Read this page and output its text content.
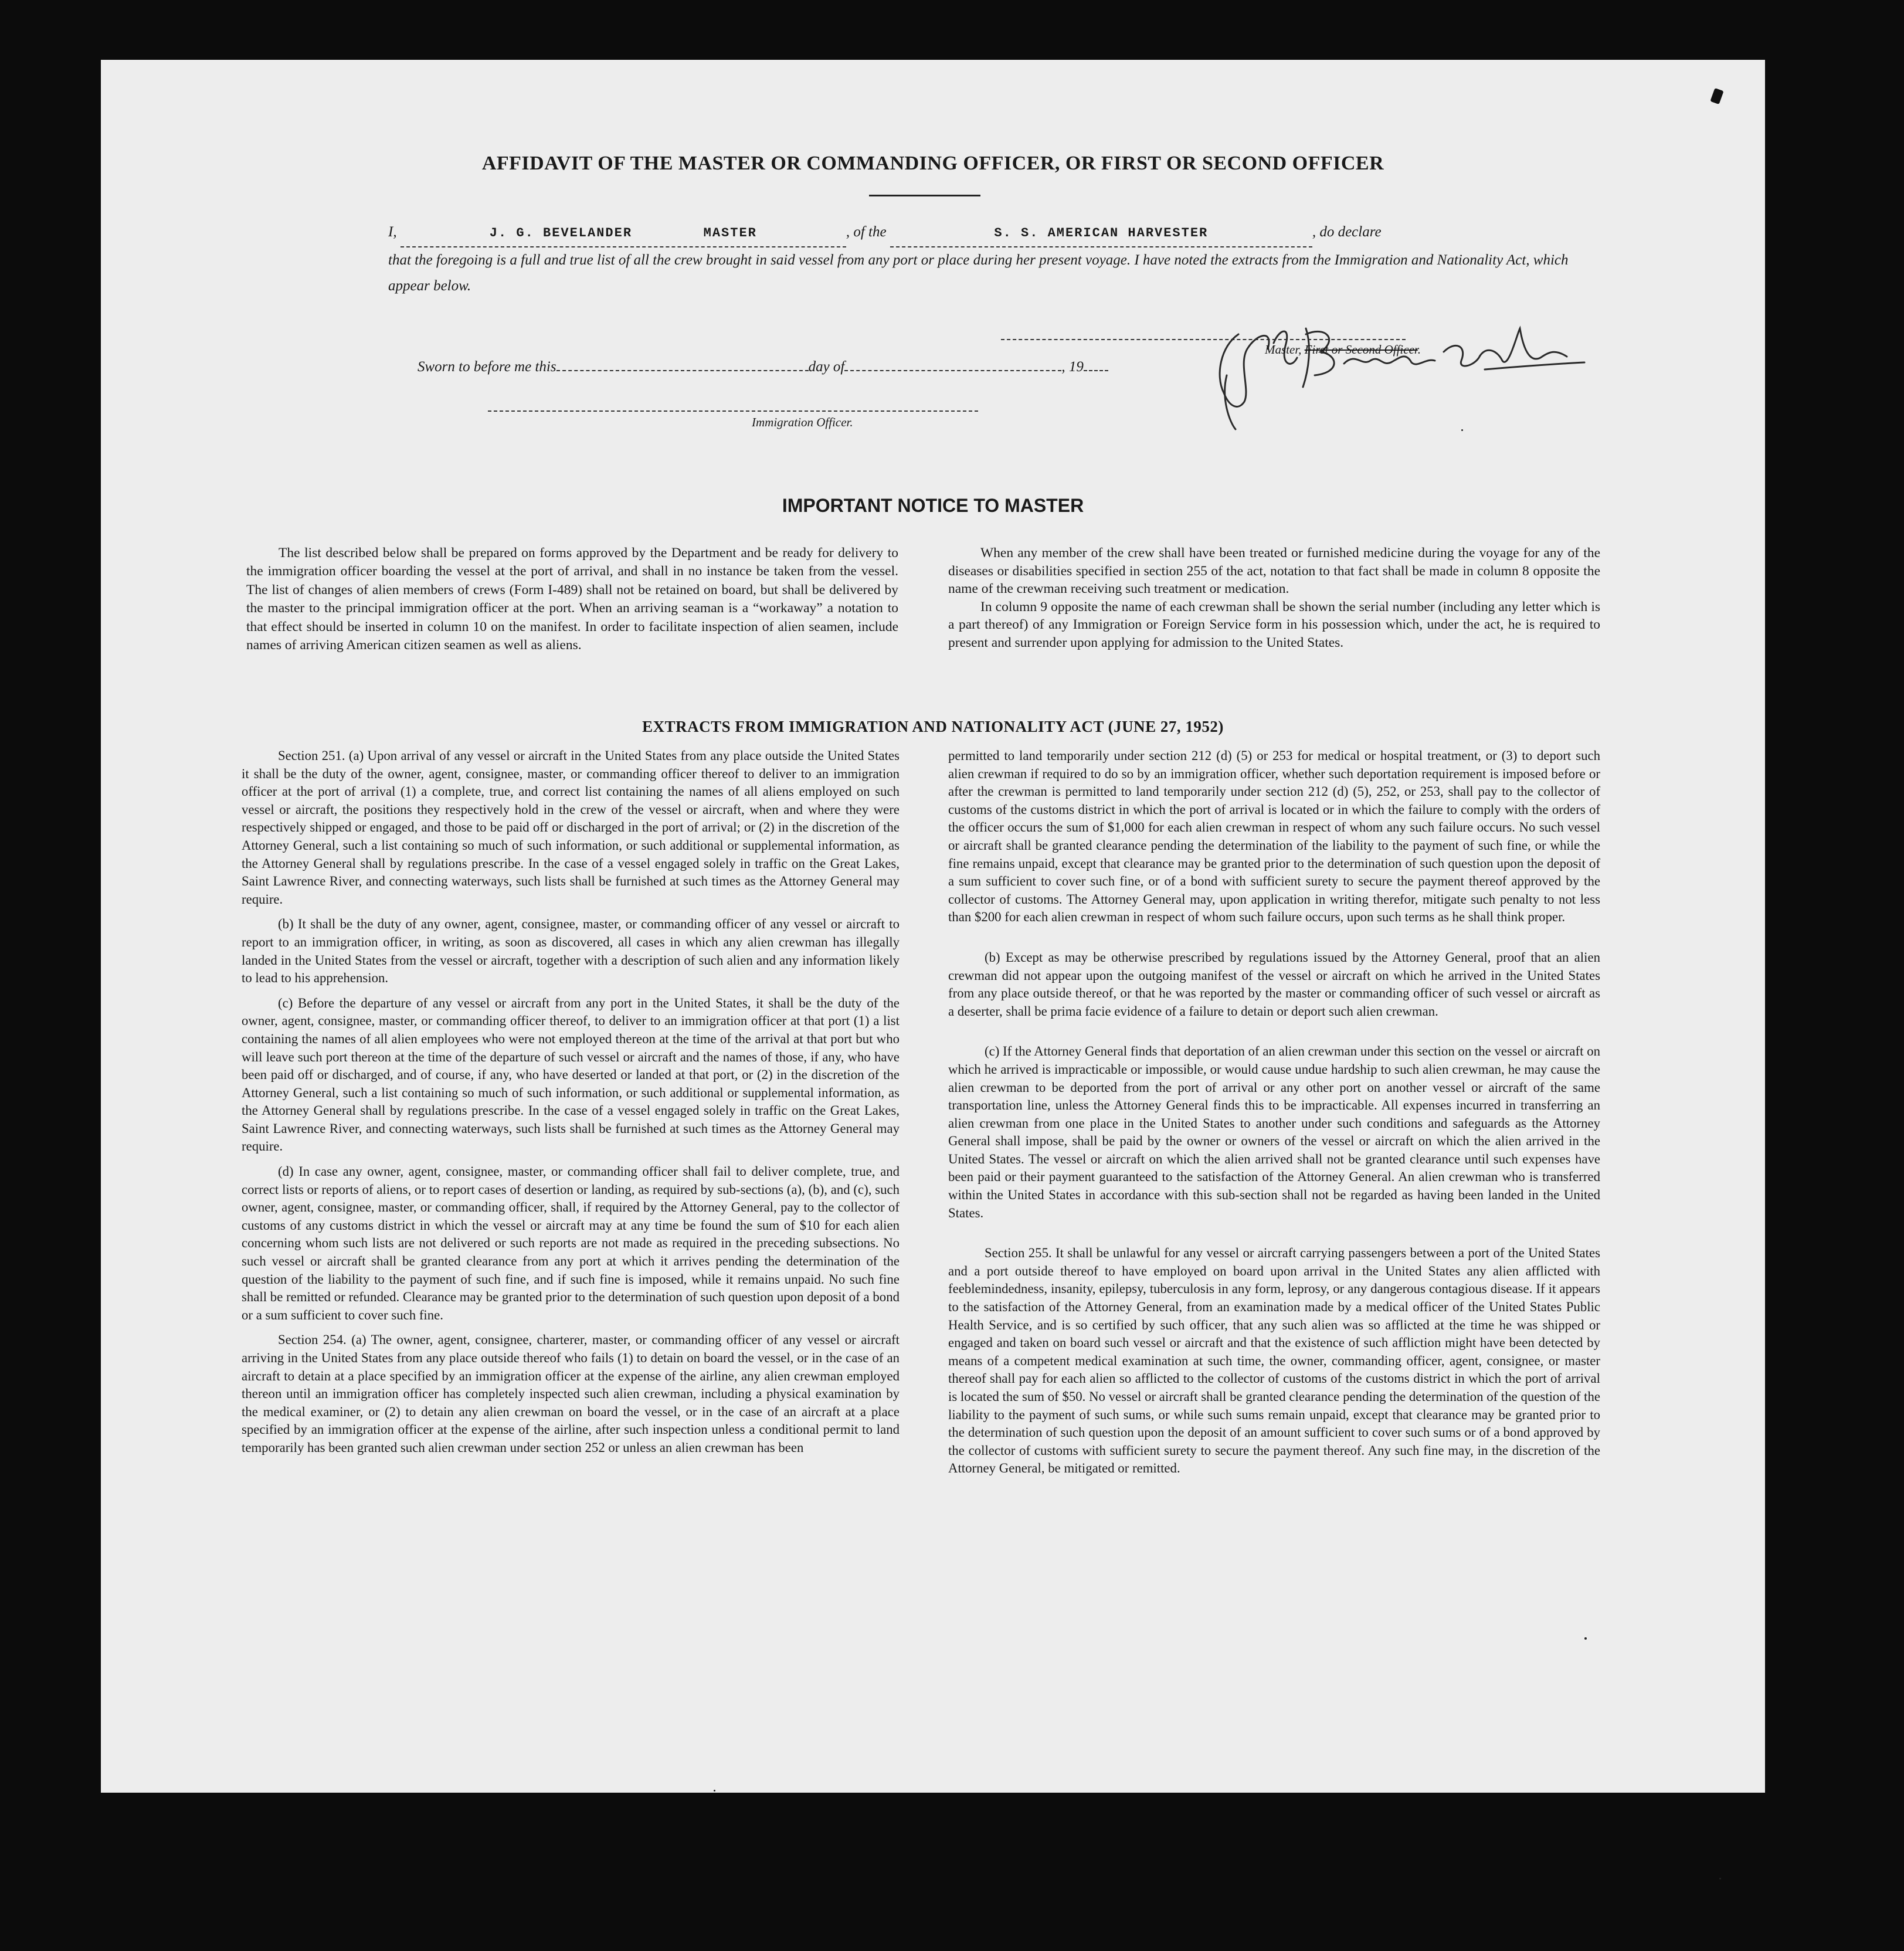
AFFIDAVIT OF THE MASTER OR COMMANDING OFFICER, OR FIRST OR SECOND OFFICER
I,	J. G. BEVELANDER	MASTER	, of the	S. S. AMERICAN HARVESTER	, do declare
that the foregoing is a full and true list of all the crew brought in said vessel from any port or place during her present voyage. I have noted the extracts from the Immigration and Nationality Act, which appear below.
Master, First or Second Officer.
Sworn to before me this	day of	, 19
Immigration Officer.
IMPORTANT NOTICE TO MASTER

The list described below shall be prepared on forms approved by the Department and be ready for delivery to the immigration officer boarding the vessel at the port of arrival, and shall in no instance be taken from the vessel. The list of changes of alien members of crews (Form I-489) shall not be retained on board, but shall be delivered by the master to the principal immigration officer at the port. When an arriving seaman is a “workaway” a notation to that effect should be inserted in column 10 on the manifest. In order to facilitate inspection of alien seamen, include names of arriving American citizen seamen as well as aliens.

When any member of the crew shall have been treated or furnished medicine during the voyage for any of the diseases or disabilities specified in section 255 of the act, notation to that fact shall be made in column 8 opposite the name of the crewman receiving such treatment or medication.

In column 9 opposite the name of each crewman shall be shown the serial number (including any letter which is a part thereof) of any Immigration or Foreign Service form in his possession which, under the act, he is required to present and surrender upon applying for admission to the United States.

EXTRACTS FROM IMMIGRATION AND NATIONALITY ACT (JUNE 27, 1952)

Section 251. (a) Upon arrival of any vessel or aircraft in the United States from any place outside the United States it shall be the duty of the owner, agent, consignee, master, or commanding officer thereof to deliver to an immigration officer at the port of arrival (1) a complete, true, and correct list containing the names of all aliens employed on such vessel or aircraft, the positions they respectively hold in the crew of the vessel or aircraft, when and where they were respectively shipped or engaged, and those to be paid off or discharged in the port of arrival; or (2) in the discretion of the Attorney General, such a list containing so much of such information, or such additional or supplemental information, as the Attorney General shall by regulations prescribe. In the case of a vessel engaged solely in traffic on the Great Lakes, Saint Lawrence River, and connecting waterways, such lists shall be furnished at such times as the Attorney General may require.

(b) It shall be the duty of any owner, agent, consignee, master, or commanding officer of any vessel or aircraft to report to an immigration officer, in writing, as soon as discovered, all cases in which any alien crewman has illegally landed in the United States from the vessel or aircraft, together with a description of such alien and any information likely to lead to his apprehension.

(c) Before the departure of any vessel or aircraft from any port in the United States, it shall be the duty of the owner, agent, consignee, master, or commanding officer thereof, to deliver to an immigration officer at that port (1) a list containing the names of all alien employees who were not employed thereon at the time of the arrival at that port but who will leave such port thereon at the time of the departure of such vessel or aircraft and the names of those, if any, who have been paid off or discharged, and of course, if any, who have deserted or landed at that port, or (2) in the discretion of the Attorney General, such a list containing so much of such information, or such additional or supplemental information, as the Attorney General shall by regulations prescribe. In the case of a vessel engaged solely in traffic on the Great Lakes, Saint Lawrence River, and connecting waterways, such lists shall be furnished at such times as the Attorney General may require.

(d) In case any owner, agent, consignee, master, or commanding officer shall fail to deliver complete, true, and correct lists or reports of aliens, or to report cases of desertion or landing, as required by sub-sections (a), (b), and (c), such owner, agent, consignee, master, or commanding officer, shall, if required by the Attorney General, pay to the collector of customs of any customs district in which the vessel or aircraft may at any time be found the sum of $10 for each alien concerning whom such lists are not delivered or such reports are not made as required in the preceding subsections. No such vessel or aircraft shall be granted clearance from any port at which it arrives pending the determination of the question of the liability to the payment of such fine, and if such fine is imposed, while it remains unpaid. No such fine shall be remitted or refunded. Clearance may be granted prior to the determination of such question upon deposit of a bond or a sum sufficient to cover such fine.

Section 254. (a) The owner, agent, consignee, charterer, master, or commanding officer of any vessel or aircraft arriving in the United States from any place outside thereof who fails (1) to detain on board the vessel, or in the case of an aircraft to detain at a place specified by an immigration officer at the expense of the airline, any alien crewman employed thereon until an immigration officer has completely inspected such alien crewman, including a physical examination by the medical examiner, or (2) to detain any alien crewman on board the vessel, or in the case of an aircraft at a place specified by an immigration officer at the expense of the airline, after such inspection unless a conditional permit to land temporarily has been granted such alien crewman under section 252 or unless an alien crewman has been

permitted to land temporarily under section 212 (d) (5) or 253 for medical or hospital treatment, or (3) to deport such alien crewman if required to do so by an immigration officer, whether such deportation requirement is imposed before or after the crewman is permitted to land temporarily under section 212 (d) (5), 252, or 253, shall pay to the collector of customs of the customs district in which the port of arrival is located or in which the failure to comply with the orders of the officer occurs the sum of $1,000 for each alien crewman in respect of whom any such failure occurs. No such vessel or aircraft shall be granted clearance pending the determination of the liability to the payment of such fine, or while the fine remains unpaid, except that clearance may be granted prior to the determination of such question upon the deposit of a sum sufficient to cover such fine, or of a bond with sufficient surety to secure the payment thereof approved by the collector of customs. The Attorney General may, upon application in writing therefor, mitigate such penalty to not less than $200 for each alien crewman in respect of whom such failure occurs, upon such terms as he shall think proper.

(b) Except as may be otherwise prescribed by regulations issued by the Attorney General, proof that an alien crewman did not appear upon the outgoing manifest of the vessel or aircraft on which he arrived in the United States from any place outside thereof, or that he was reported by the master or commanding officer of such vessel or aircraft as a deserter, shall be prima facie evidence of a failure to detain or deport such alien crewman.

(c) If the Attorney General finds that deportation of an alien crewman under this section on the vessel or aircraft on which he arrived is impracticable or impossible, or would cause undue hardship to such alien crewman, he may cause the alien crewman to be deported from the port of arrival or any other port on another vessel or aircraft of the same transportation line, unless the Attorney General finds this to be impracticable. All expenses incurred in transferring an alien crewman from one place in the United States to another under such conditions and safeguards as the Attorney General shall impose, shall be paid by the owner or owners of the vessel or aircraft on which the alien arrived in the United States. The vessel or aircraft on which the alien arrived shall not be granted clearance until such expenses have been paid or their payment guaranteed to the satisfaction of the Attorney General. An alien crewman who is transferred within the United States in accordance with this sub-section shall not be regarded as having been landed in the United States.

Section 255. It shall be unlawful for any vessel or aircraft carrying passengers between a port of the United States and a port outside thereof to have employed on board upon arrival in the United States any alien afflicted with feeblemindedness, insanity, epilepsy, tuberculosis in any form, leprosy, or any dangerous contagious disease. If it appears to the satisfaction of the Attorney General, from an examination made by a medical officer of the United States Public Health Service, and is so certified by such officer, that any such alien was so afflicted at the time he was shipped or engaged and taken on board such vessel or aircraft and that the existence of such affliction might have been detected by means of a competent medical examination at such time, the owner, commanding officer, agent, consignee, or master thereof shall pay for each alien so afflicted to the collector of customs of the customs district in which the port of arrival is located the sum of $50. No vessel or aircraft shall be granted clearance pending the determination of the question of the liability to the payment of such sums, or while such sums remain unpaid, except that clearance may be granted prior to the determination of such question upon the deposit of an amount sufficient to cover such sums or of a bond approved by the collector of customs with sufficient surety to secure the payment thereof. Any such fine may, in the discretion of the Attorney General, be mitigated or remitted.
